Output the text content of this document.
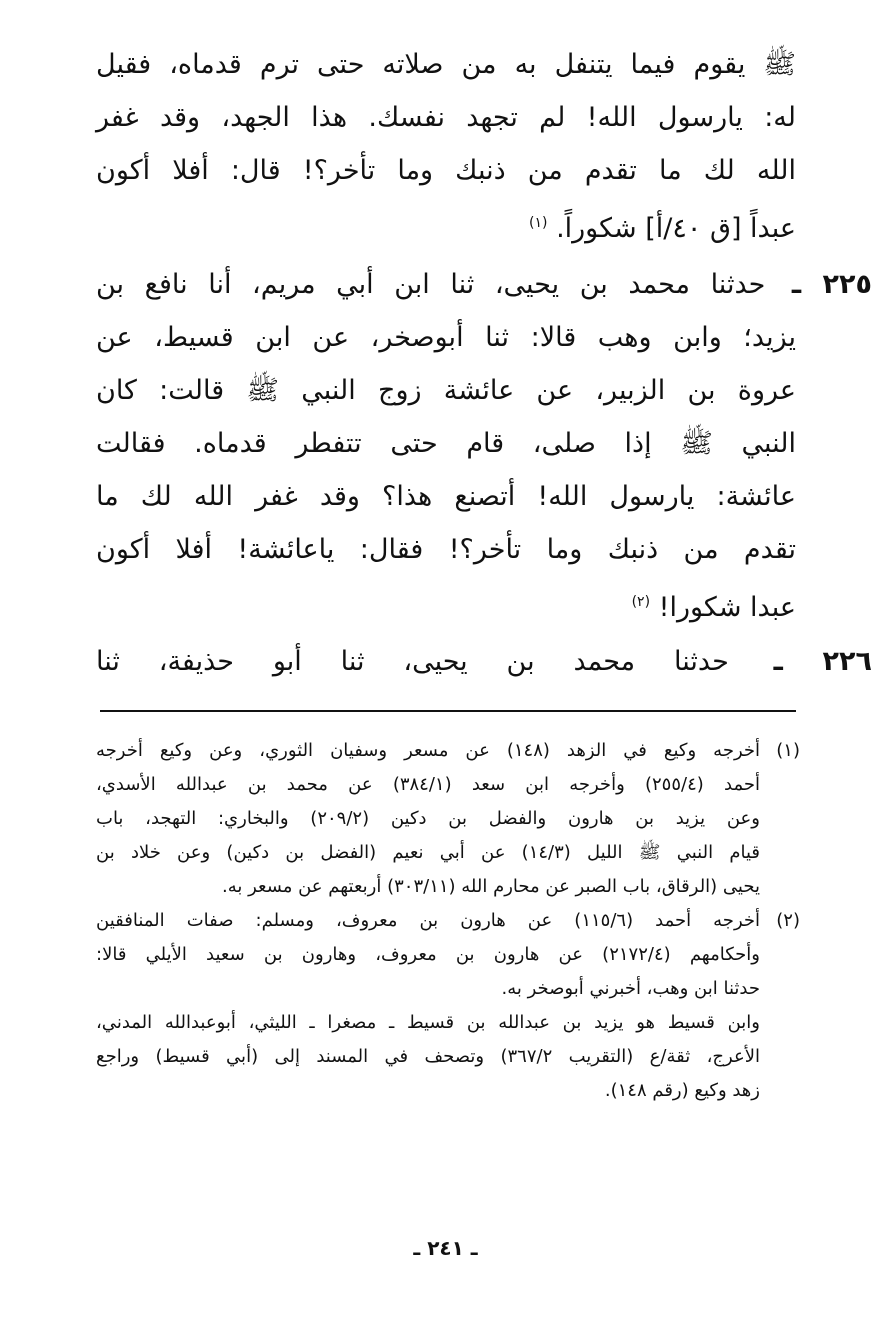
ﷺ يقوم فيما يتنفل به من صلاته حتى ترم قدماه، فقيل
له: يارسول الله! لم تجهد نفسك. هذا الجهد، وقد غفر
الله لك ما تقدم من ذنبك وما تأخر؟! قال: أفلا أكون
عبداً [ق ٤٠/أ] شكوراً. $^{(١)}$
٢٢٥ ـ حدثنا محمد بن يحيى، ثنا ابن أبي مريم، أنا نافع بن
يزيد؛ وابن وهب قالا: ثنا أبوصخر، عن ابن قسيط، عن
عروة بن الزبير، عن عائشة زوج النبي ﷺ قالت: كان
النبي ﷺ إذا صلى، قام حتى تتفطر قدماه. فقالت
عائشة: يارسول الله! أتصنع هذا؟ وقد غفر الله لك ما
تقدم من ذنبك وما تأخر؟! فقال: ياعائشة! أفلا أكون
عبدا شكورا! $^{(٢)}$
٢٢٦ ـ حدثنا محمد بن يحيى، ثنا أبو حذيفة، ثنا
(١)أخرجه وكيع في الزهد (١٤٨) عن مسعر وسفيان الثوري، وعن وكيع أخرجه
أحمد (٢٥٥/٤) وأخرجه ابن سعد (٣٨٤/١) عن محمد بن عبدالله الأسدي،
وعن يزيد بن هارون والفضل بن دكين (٢٠٩/٢) والبخاري: التهجد، باب
قيام النبي ﷺ الليل (١٤/٣) عن أبي نعيم (الفضل بن دكين) وعن خلاد بن
يحيى (الرقاق، باب الصبر عن محارم الله (٣٠٣/١١) أربعتهم عن مسعر به.
(٢)أخرجه أحمد (١١٥/٦) عن هارون بن معروف، ومسلم: صفات المنافقين
وأحكامهم (٢١٧٢/٤) عن هارون بن معروف، وهارون بن سعيد الأيلي قالا:
حدثنا ابن وهب، أخبرني أبوصخر به.
وابن قسيط هو يزيد بن عبدالله بن قسيط ـ مصغرا ـ الليثي، أبوعبدالله المدني،
الأعرج، ثقة/ع (التقريب ٣٦٧/٢) وتصحف في المسند إلى (أبي قسيط) وراجع
زهد وكيع (رقم ١٤٨).
ـ ٢٤١ ـ
